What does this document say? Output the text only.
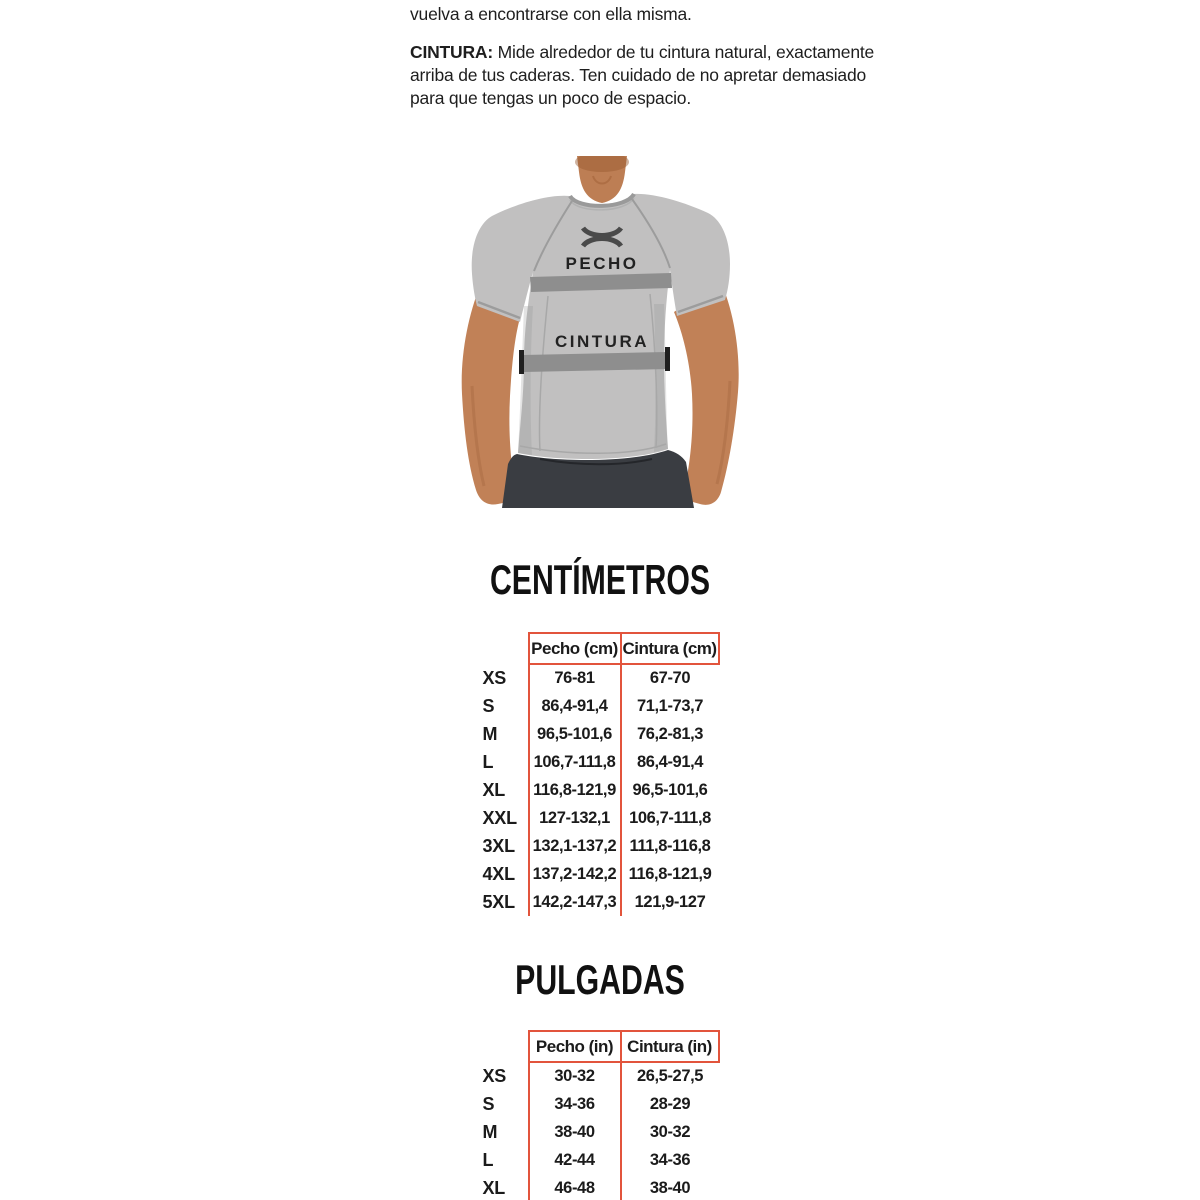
vuelva a encontrarse con ella misma.
CINTURA: Mide alrededor de tu cintura natural, exactamente
arriba de tus caderas. Ten cuidado de no apretar demasiado
para que tengas un poco de espacio.
PECHO
CINTURA
CENTÍMETROS
	Pecho (cm)	Cintura (cm)
XS	76-81	67-70
S	86,4-91,4	71,1-73,7
M	96,5-101,6	76,2-81,3
L	106,7-111,8	86,4-91,4
XL	116,8-121,9	96,5-101,6
XXL	127-132,1	106,7-111,8
3XL	132,1-137,2	111,8-116,8
4XL	137,2-142,2	116,8-121,9
5XL	142,2-147,3	121,9-127
PULGADAS
	Pecho (in)	Cintura (in)
XS	30-32	26,5-27,5
S	34-36	28-29
M	38-40	30-32
L	42-44	34-36
XL	46-48	38-40
